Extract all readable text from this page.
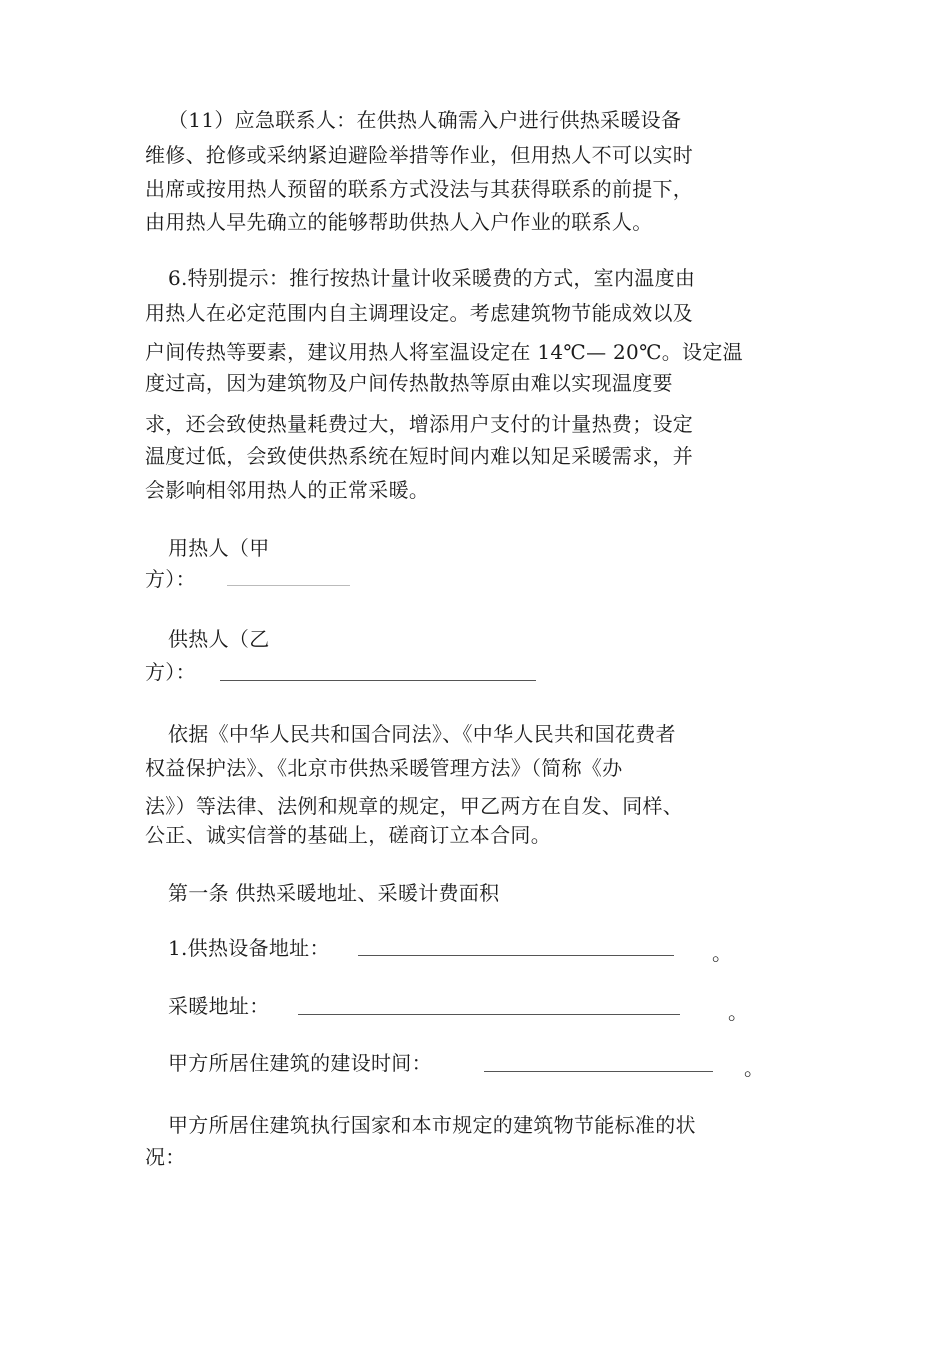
（11）应急联系人：在供热人确需入户进行供热采暖设备
维修、抢修或采纳紧迫避险举措等作业，但用热人不可以实时
出席或按用热人预留的联系方式没法与其获得联系的前提下，
由用热人早先确立的能够帮助供热人入户作业的联系人。
6.特别提示：推行按热计量计收采暖费的方式，室内温度由
用热人在必定范围内自主调理设定。考虑建筑物节能成效以及
户间传热等要素，建议用热人将室温设定在 14℃— 20℃。设定温
度过高，因为建筑物及户间传热散热等原由难以实现温度要
求，还会致使热量耗费过大，增添用户支付的计量热费；设定
温度过低，会致使供热系统在短时间内难以知足采暖需求，并
会影响相邻用热人的正常采暖。
用热人（甲
方）：
供热人（乙
方）：
依据《中华人民共和国合同法》、《中华人民共和国花费者
权益保护法》、《北京市供热采暖管理方法》（简称《办
法》）等法律、法例和规章的规定，甲乙两方在自发、同样、
公正、诚实信誉的基础上，磋商订立本合同。
第一条 供热采暖地址、采暖计费面积
1.供热设备地址：	。
采暖地址：	。
甲方所居住建筑的建设时间：	。
甲方所居住建筑执行国家和本市规定的建筑物节能标准的状
况：
